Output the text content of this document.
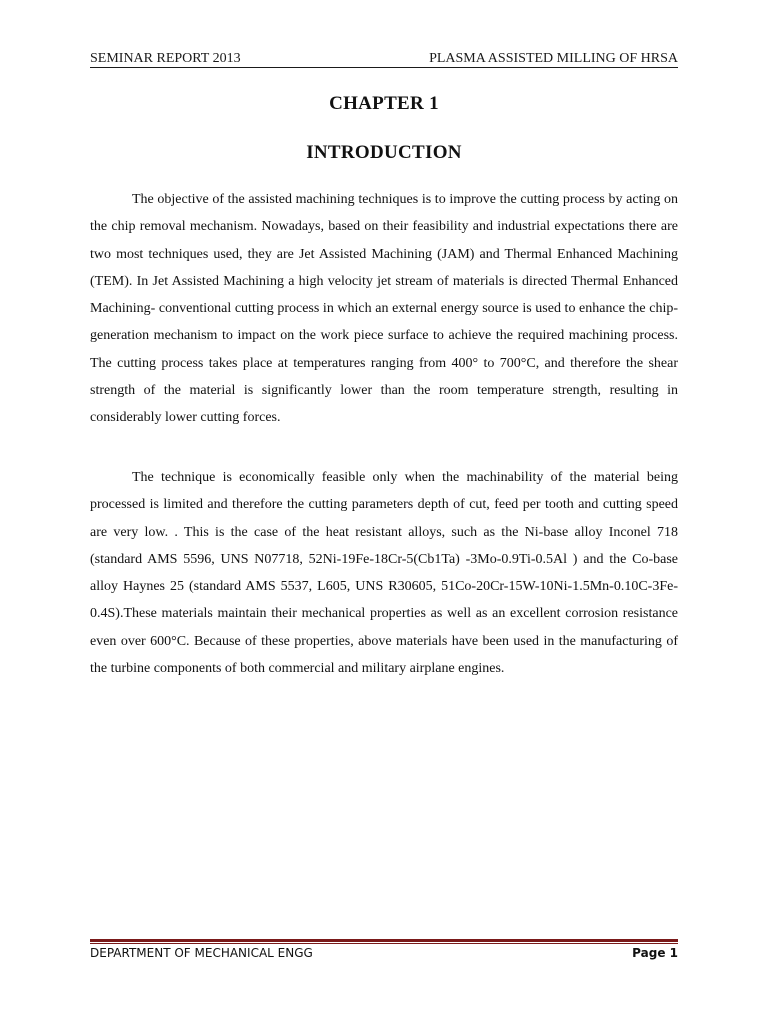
SEMINAR REPORT 2013	PLASMA ASSISTED MILLING OF HRSA
CHAPTER 1
INTRODUCTION

The objective of the assisted machining techniques is to improve the cutting process by acting on the chip removal mechanism. Nowadays, based on their feasibility and industrial expectations there are two most techniques used, they are Jet Assisted Machining (JAM) and Thermal Enhanced Machining (TEM). In Jet Assisted Machining a high velocity jet stream of materials is directed Thermal Enhanced Machining- conventional cutting process in which an external energy source is used to enhance the chip-generation mechanism to impact on the work piece surface to achieve the required machining process. The cutting process takes place at temperatures ranging from 400° to 700°C, and therefore the shear strength of the material is significantly lower than the room temperature strength, resulting in considerably lower cutting forces.

The technique is economically feasible only when the machinability of the material being processed is limited and therefore the cutting parameters depth of cut, feed per tooth and cutting speed are very low. . This is the case of the heat resistant alloys, such as the Ni-base alloy Inconel 718 (standard AMS 5596, UNS N07718, 52Ni-19Fe-18Cr-5(Cb1Ta) -3Mo-0.9Ti-0.5Al ) and the Co-base alloy Haynes 25 (standard AMS 5537, L605, UNS R30605, 51Co-20Cr-15W-10Ni-1.5Mn-0.10C-3Fe-0.4S).These materials maintain their mechanical properties as well as an excellent corrosion resistance even over 600°C. Because of these properties, above materials have been used in the manufacturing of the turbine components of both commercial and military airplane engines.

DEPARTMENT OF MECHANICAL ENGG	Page 1
